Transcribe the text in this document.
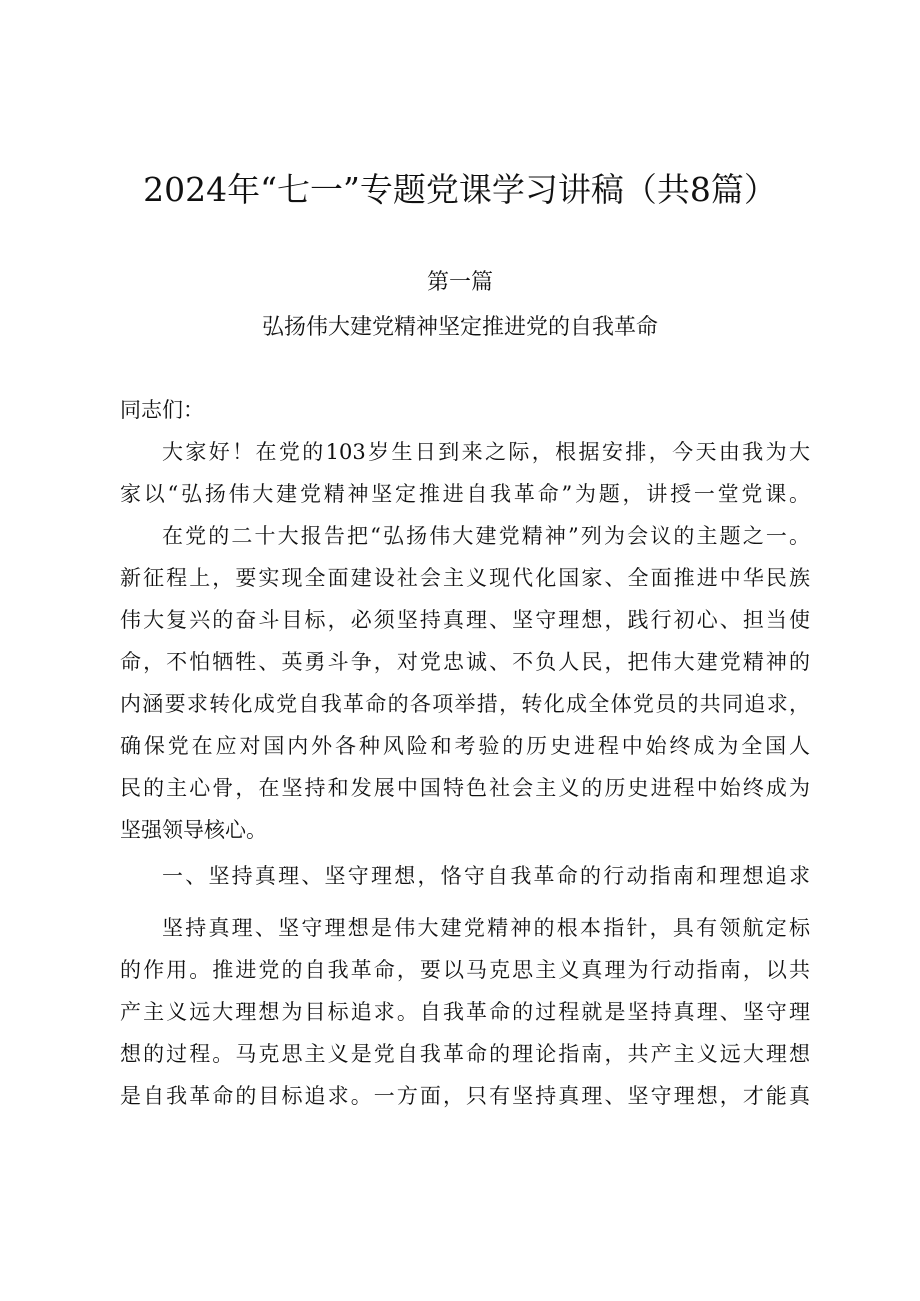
2024年“七一”专题党课学习讲稿（共8篇）
第一篇
弘扬伟大建党精神坚定推进党的自我革命
同志们：
大家好！在党的103岁生日到来之际，根据安排，今天由我为大
家以“弘扬伟大建党精神坚定推进自我革命”为题，讲授一堂党课。
在党的二十大报告把“弘扬伟大建党精神”列为会议的主题之一。
新征程上，要实现全面建设社会主义现代化国家、全面推进中华民族
伟大复兴的奋斗目标，必须坚持真理、坚守理想，践行初心、担当使
命，不怕牺牲、英勇斗争，对党忠诚、不负人民，把伟大建党精神的
内涵要求转化成党自我革命的各项举措，转化成全体党员的共同追求，
确保党在应对国内外各种风险和考验的历史进程中始终成为全国人
民的主心骨，在坚持和发展中国特色社会主义的历史进程中始终成为
坚强领导核心。
一、坚持真理、坚守理想，恪守自我革命的行动指南和理想追求
坚持真理、坚守理想是伟大建党精神的根本指针，具有领航定标
的作用。推进党的自我革命，要以马克思主义真理为行动指南，以共
产主义远大理想为目标追求。自我革命的过程就是坚持真理、坚守理
想的过程。马克思主义是党自我革命的理论指南，共产主义远大理想
是自我革命的目标追求。一方面，只有坚持真理、坚守理想，才能真
